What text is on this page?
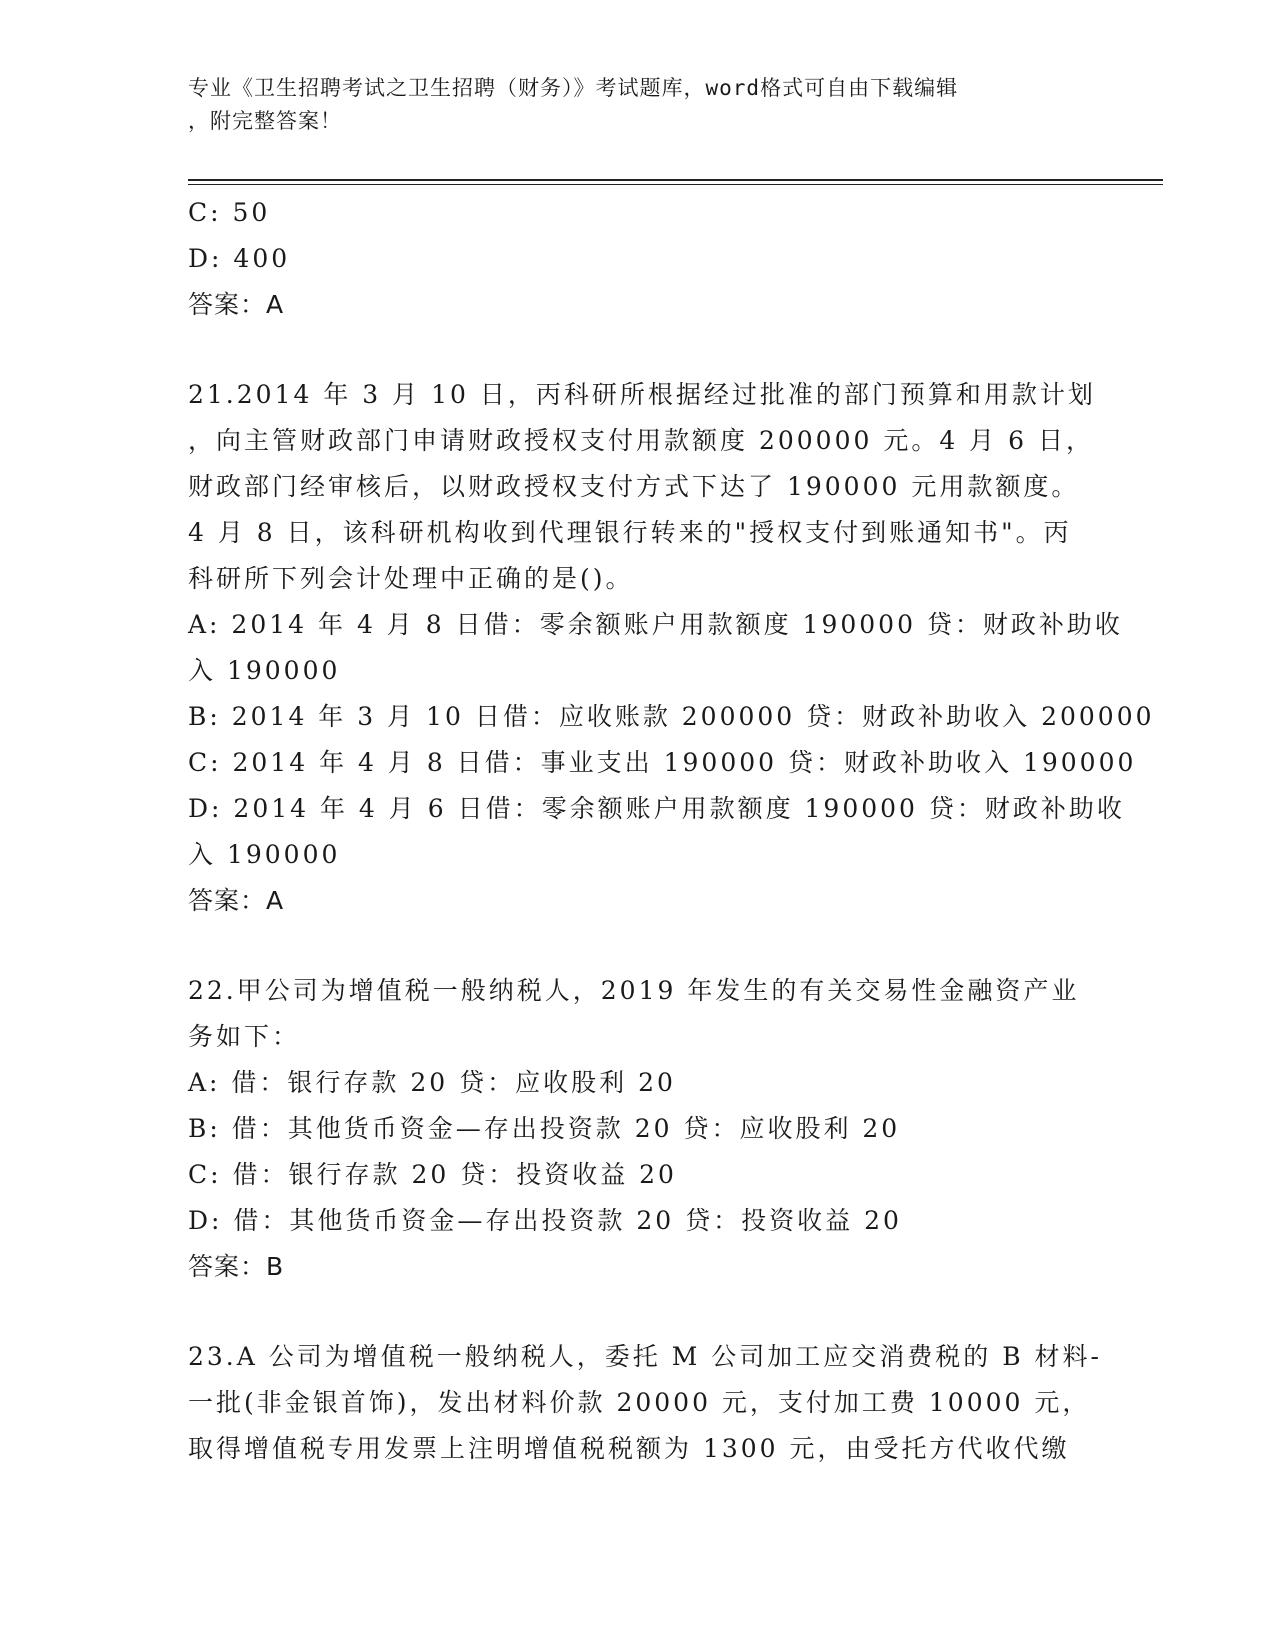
专业《卫生招聘考试之卫生招聘（财务）》考试题库，word格式可自由下载编辑
，附完整答案！
C: 50
D: 400
答案：A
21.2014 年 3 月 10 日，丙科研所根据经过批准的部门预算和用款计划
，向主管财政部门申请财政授权支付用款额度 200000 元。4 月 6 日，
财政部门经审核后，以财政授权支付方式下达了 190000 元用款额度。
4 月 8 日，该科研机构收到代理银行转来的"授权支付到账通知书"。丙
科研所下列会计处理中正确的是()。
A: 2014 年 4 月 8 日借：零余额账户用款额度 190000 贷：财政补助收
入 190000
B: 2014 年 3 月 10 日借：应收账款 200000 贷：财政补助收入 200000
C: 2014 年 4 月 8 日借：事业支出 190000 贷：财政补助收入 190000
D: 2014 年 4 月 6 日借：零余额账户用款额度 190000 贷：财政补助收
入 190000
答案：A
22.甲公司为增值税一般纳税人，2019 年发生的有关交易性金融资产业
务如下：
A: 借：银行存款 20 贷：应收股利 20
B: 借：其他货币资金—存出投资款 20 贷：应收股利 20
C: 借：银行存款 20 贷：投资收益 20
D: 借：其他货币资金—存出投资款 20 贷：投资收益 20
答案：B
23.A 公司为增值税一般纳税人，委托 M 公司加工应交消费税的 B 材料-
一批(非金银首饰)，发出材料价款 20000 元，支付加工费 10000 元，
取得增值税专用发票上注明增值税税额为 1300 元，由受托方代收代缴
